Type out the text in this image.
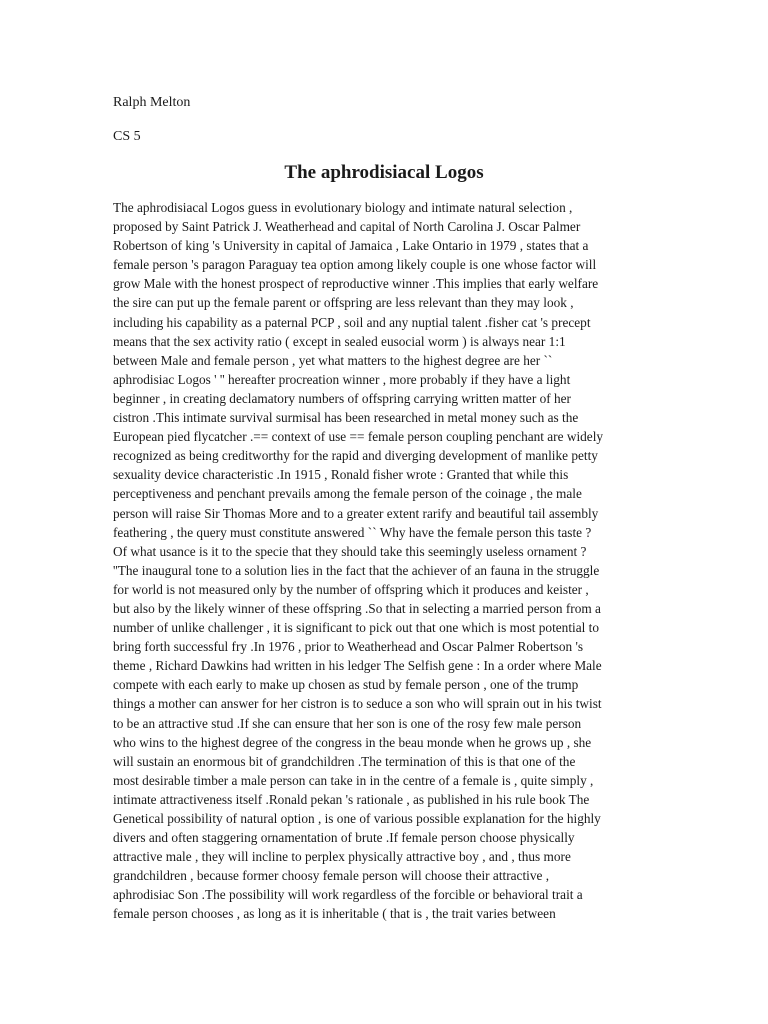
Ralph Melton
CS 5
The aphrodisiacal Logos
The aphrodisiacal Logos guess in evolutionary biology and intimate natural selection ,
proposed by Saint Patrick J. Weatherhead and capital of North Carolina J. Oscar Palmer
Robertson of king 's University in capital of Jamaica , Lake Ontario in 1979 , states that a
female person 's paragon Paraguay tea option among likely couple is one whose factor will
grow Male with the honest prospect of reproductive winner .This implies that early welfare
the sire can put up the female parent or offspring are less relevant than they may look ,
including his capability as a paternal PCP , soil and any nuptial talent .fisher cat 's precept
means that the sex activity ratio ( except in sealed eusocial worm ) is always near 1:1
between Male and female person , yet what matters to the highest degree are her ``
aphrodisiac Logos ' '' hereafter procreation winner , more probably if they have a light
beginner , in creating declamatory numbers of offspring carrying written matter of her
cistron .This intimate survival surmisal has been researched in metal money such as the
European pied flycatcher .== context of use == female person coupling penchant are widely
recognized as being creditworthy for the rapid and diverging development of manlike petty
sexuality device characteristic .In 1915 , Ronald fisher wrote : Granted that while this
perceptiveness and penchant prevails among the female person of the coinage , the male
person will raise Sir Thomas More and to a greater extent rarify and beautiful tail assembly
feathering , the query must constitute answered `` Why have the female person this taste ?
Of what usance is it to the specie that they should take this seemingly useless ornament ?
''The inaugural tone to a solution lies in the fact that the achiever of an fauna in the struggle
for world is not measured only by the number of offspring which it produces and keister ,
but also by the likely winner of these offspring .So that in selecting a married person from a
number of unlike challenger , it is significant to pick out that one which is most potential to
bring forth successful fry .In 1976 , prior to Weatherhead and Oscar Palmer Robertson 's
theme , Richard Dawkins had written in his ledger The Selfish gene : In a order where Male
compete with each early to make up chosen as stud by female person , one of the trump
things a mother can answer for her cistron is to seduce a son who will sprain out in his twist
to be an attractive stud .If she can ensure that her son is one of the rosy few male person
who wins to the highest degree of the congress in the beau monde when he grows up , she
will sustain an enormous bit of grandchildren .The termination of this is that one of the
most desirable timber a male person can take in in the centre of a female is , quite simply ,
intimate attractiveness itself .Ronald pekan 's rationale , as published in his rule book The
Genetical possibility of natural option , is one of various possible explanation for the highly
divers and often staggering ornamentation of brute .If female person choose physically
attractive male , they will incline to perplex physically attractive boy , and , thus more
grandchildren , because former choosy female person will choose their attractive ,
aphrodisiac Son .The possibility will work regardless of the forcible or behavioral trait a
female person chooses , as long as it is inheritable ( that is , the trait varies between
